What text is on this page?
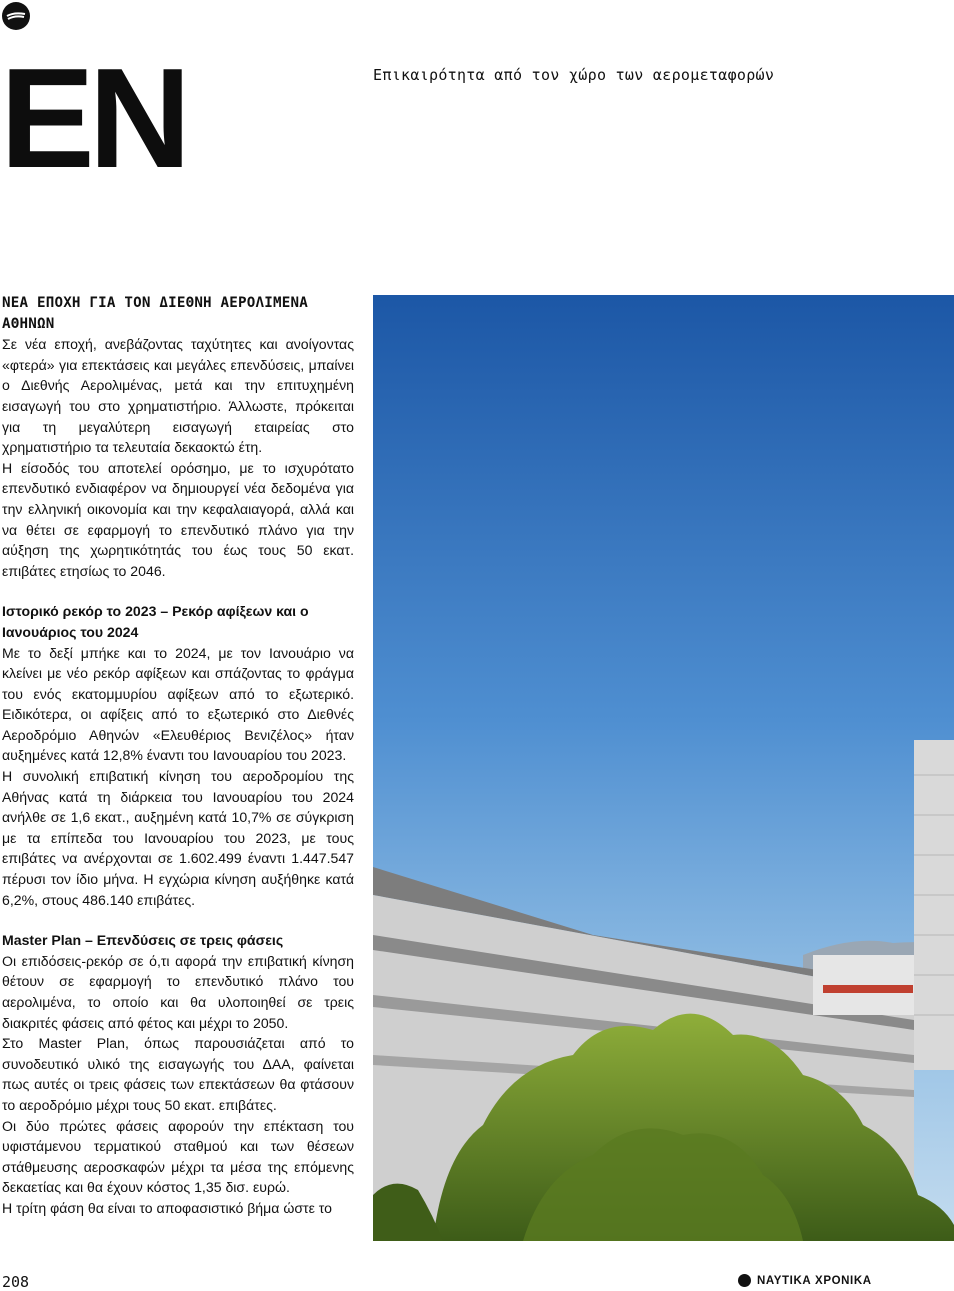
EN	Επικαιρότητα από τον χώρο των αερομεταφορών
ΝΕΑ ΕΠΟΧΗ ΓΙΑ ΤΟΝ ΔΙΕΘΝΗ ΑΕΡΟΛΙΜΕΝΑ ΑΘΗΝΩΝ

Σε νέα εποχή, ανεβάζοντας ταχύτητες και ανοίγοντας «φτερά» για επεκτάσεις και μεγάλες επενδύσεις, μπαίνει ο Διεθνής Αερολιμένας, μετά και την επιτυχημένη εισαγωγή του στο χρηματιστήριο. Άλλωστε, πρόκειται για τη μεγαλύτερη εισαγωγή εταιρείας στο χρηματιστήριο τα τελευταία δεκαοκτώ έτη.

Η είσοδός του αποτελεί ορόσημο, με το ισχυρότατο επενδυτικό ενδιαφέρον να δημιουργεί νέα δεδομένα για την ελληνική οικονομία και την κεφαλαιαγορά, αλλά και να θέτει σε εφαρμογή το επενδυτικό πλάνο για την αύξηση της χωρητικότητάς του έως τους 50 εκατ. επιβάτες ετησίως το 2046.

Ιστορικό ρεκόρ το 2023 – Ρεκόρ αφίξεων και ο Ιανουάριος του 2024

Με το δεξί μπήκε και το 2024, με τον Ιανουάριο να κλείνει με νέο ρεκόρ αφίξεων και σπάζοντας το φράγμα του ενός εκατομμυρίου αφίξεων από το εξωτερικό. Ειδικότερα, οι αφίξεις από το εξωτερικό στο Διεθνές Αεροδρόμιο Αθηνών «Ελευθέριος Βενιζέλος» ήταν αυξημένες κατά 12,8% έναντι του Ιανουαρίου του 2023.

Η συνολική επιβατική κίνηση του αεροδρομίου της Αθήνας κατά τη διάρκεια του Ιανουαρίου του 2024 ανήλθε σε 1,6 εκατ., αυξημένη κατά 10,7% σε σύγκριση με τα επίπεδα του Ιανουαρίου του 2023, με τους επιβάτες να ανέρχονται σε 1.602.499 έναντι 1.447.547 πέρυσι τον ίδιο μήνα. Η εγχώρια κίνηση αυξήθηκε κατά 6,2%, στους 486.140 επιβάτες.

Master Plan – Επενδύσεις σε τρεις φάσεις

Οι επιδόσεις-ρεκόρ σε ό,τι αφορά την επιβατική κίνηση θέτουν σε εφαρμογή το επενδυτικό πλάνο του αερολιμένα, το οποίο και θα υλοποιηθεί σε τρεις διακριτές φάσεις από φέτος και μέχρι το 2050.

Στο Master Plan, όπως παρουσιάζεται από το συνοδευτικό υλικό της εισαγωγής του ΔΑΑ, φαίνεται πως αυτές οι τρεις φάσεις των επεκτάσεων θα φτάσουν το αεροδρόμιο μέχρι τους 50 εκατ. επιβάτες.

Οι δύο πρώτες φάσεις αφορούν την επέκταση του υφιστάμενου τερματικού σταθμού και των θέσεων στάθμευσης αεροσκαφών μέχρι τα μέσα της επόμενης δεκαετίας και θα έχουν κόστος 1,35 δισ. ευρώ.

Η τρίτη φάση θα είναι το αποφασιστικό βήμα ώστε το

208	ΝΑΥΤΙΚΑ ΧΡΟΝΙΚΑ
